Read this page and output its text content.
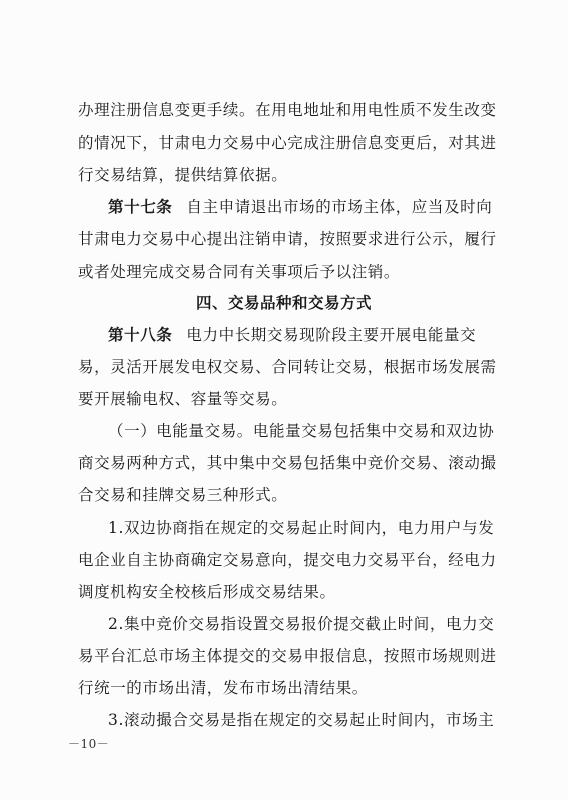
办理注册信息变更手续。在用电地址和用电性质不发生改变
的情况下，甘肃电力交易中心完成注册信息变更后，对其进
行交易结算，提供结算依据。
第十七条 自主申请退出市场的市场主体，应当及时向
甘肃电力交易中心提出注销申请，按照要求进行公示，履行
或者处理完成交易合同有关事项后予以注销。
四、交易品种和交易方式
第十八条 电力中长期交易现阶段主要开展电能量交
易，灵活开展发电权交易、合同转让交易，根据市场发展需
要开展输电权、容量等交易。
（一）电能量交易。电能量交易包括集中交易和双边协
商交易两种方式，其中集中交易包括集中竞价交易、滚动撮
合交易和挂牌交易三种形式。
1.双边协商指在规定的交易起止时间内，电力用户与发
电企业自主协商确定交易意向，提交电力交易平台，经电力
调度机构安全校核后形成交易结果。
2.集中竞价交易指设置交易报价提交截止时间，电力交
易平台汇总市场主体提交的交易申报信息，按照市场规则进
行统一的市场出清，发布市场出清结果。
3.滚动撮合交易是指在规定的交易起止时间内，市场主
－10－
